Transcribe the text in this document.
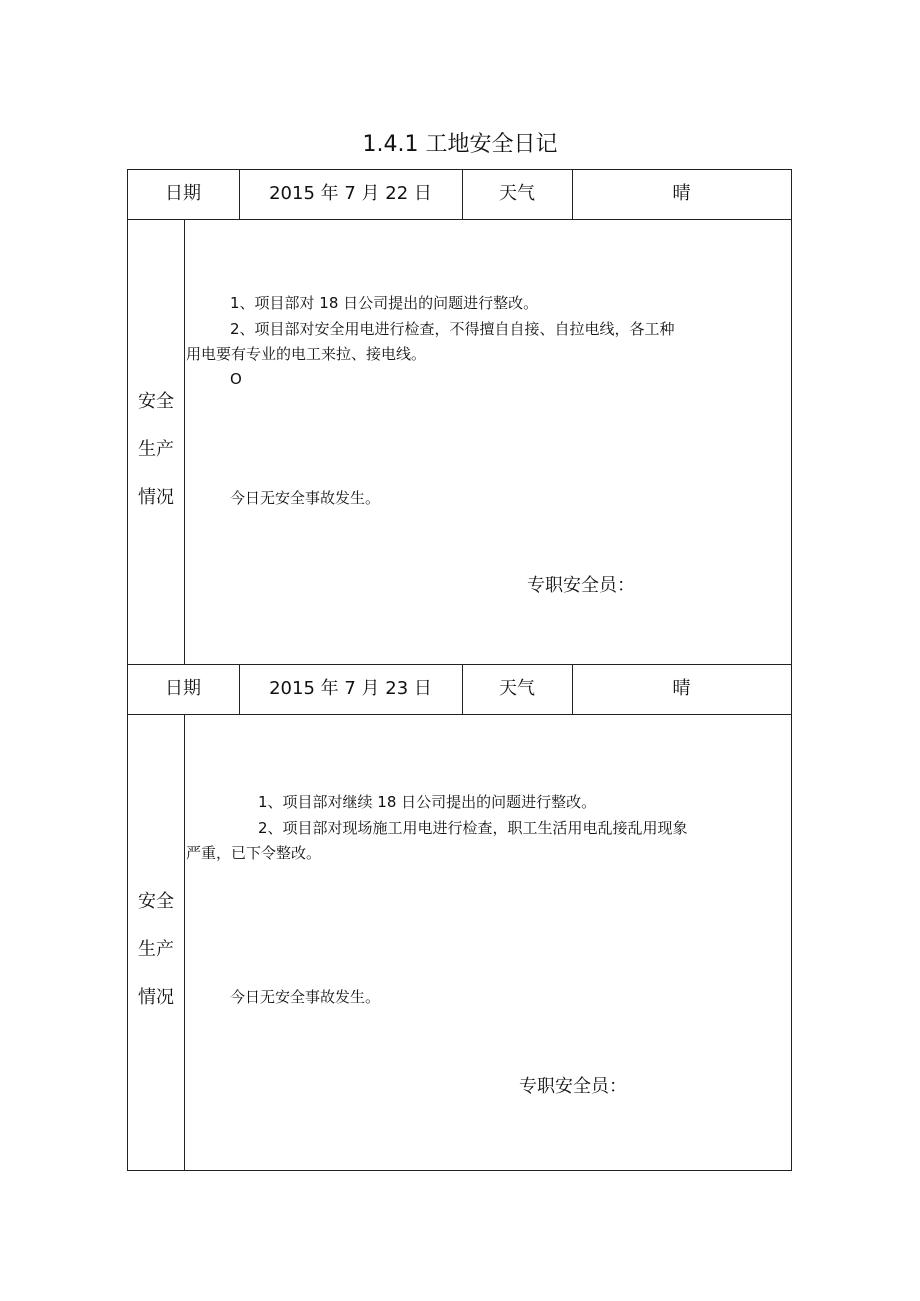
1.4.1 工地安全日记
日期	2015 年 7 月 22 日	天气	晴
安全
生产
情况
1、项目部对 18 日公司提出的问题进行整改。
2、项目部对安全用电进行检查，不得擅自自接、自拉电线，各工种
用电要有专业的电工来拉、接电线。
O
今日无安全事故发生。
专职安全员：
日期	2015 年 7 月 23 日	天气	晴
安全
生产
情况
1、项目部对继续 18 日公司提出的问题进行整改。
2、项目部对现场施工用电进行检查，职工生活用电乱接乱用现象
严重，已下令整改。
今日无安全事故发生。
专职安全员：
